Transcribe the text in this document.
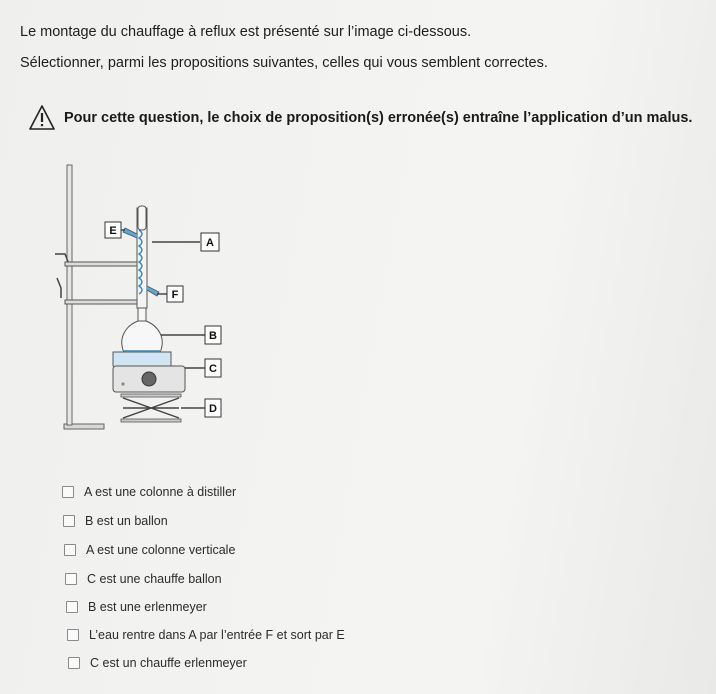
Le montage du chauffage à reflux est présenté sur l’image ci-dessous.
Sélectionner, parmi les propositions suivantes, celles qui vous semblent correctes.
Pour cette question, le choix de proposition(s) erronée(s) entraîne l’application d’un malus.
A
E
F
B
C
D
A est une colonne à distiller
B est un ballon
A est une colonne verticale
C est une chauffe ballon
B est une erlenmeyer
L’eau rentre dans A par l’entrée F et sort par E
C est un chauffe erlenmeyer
